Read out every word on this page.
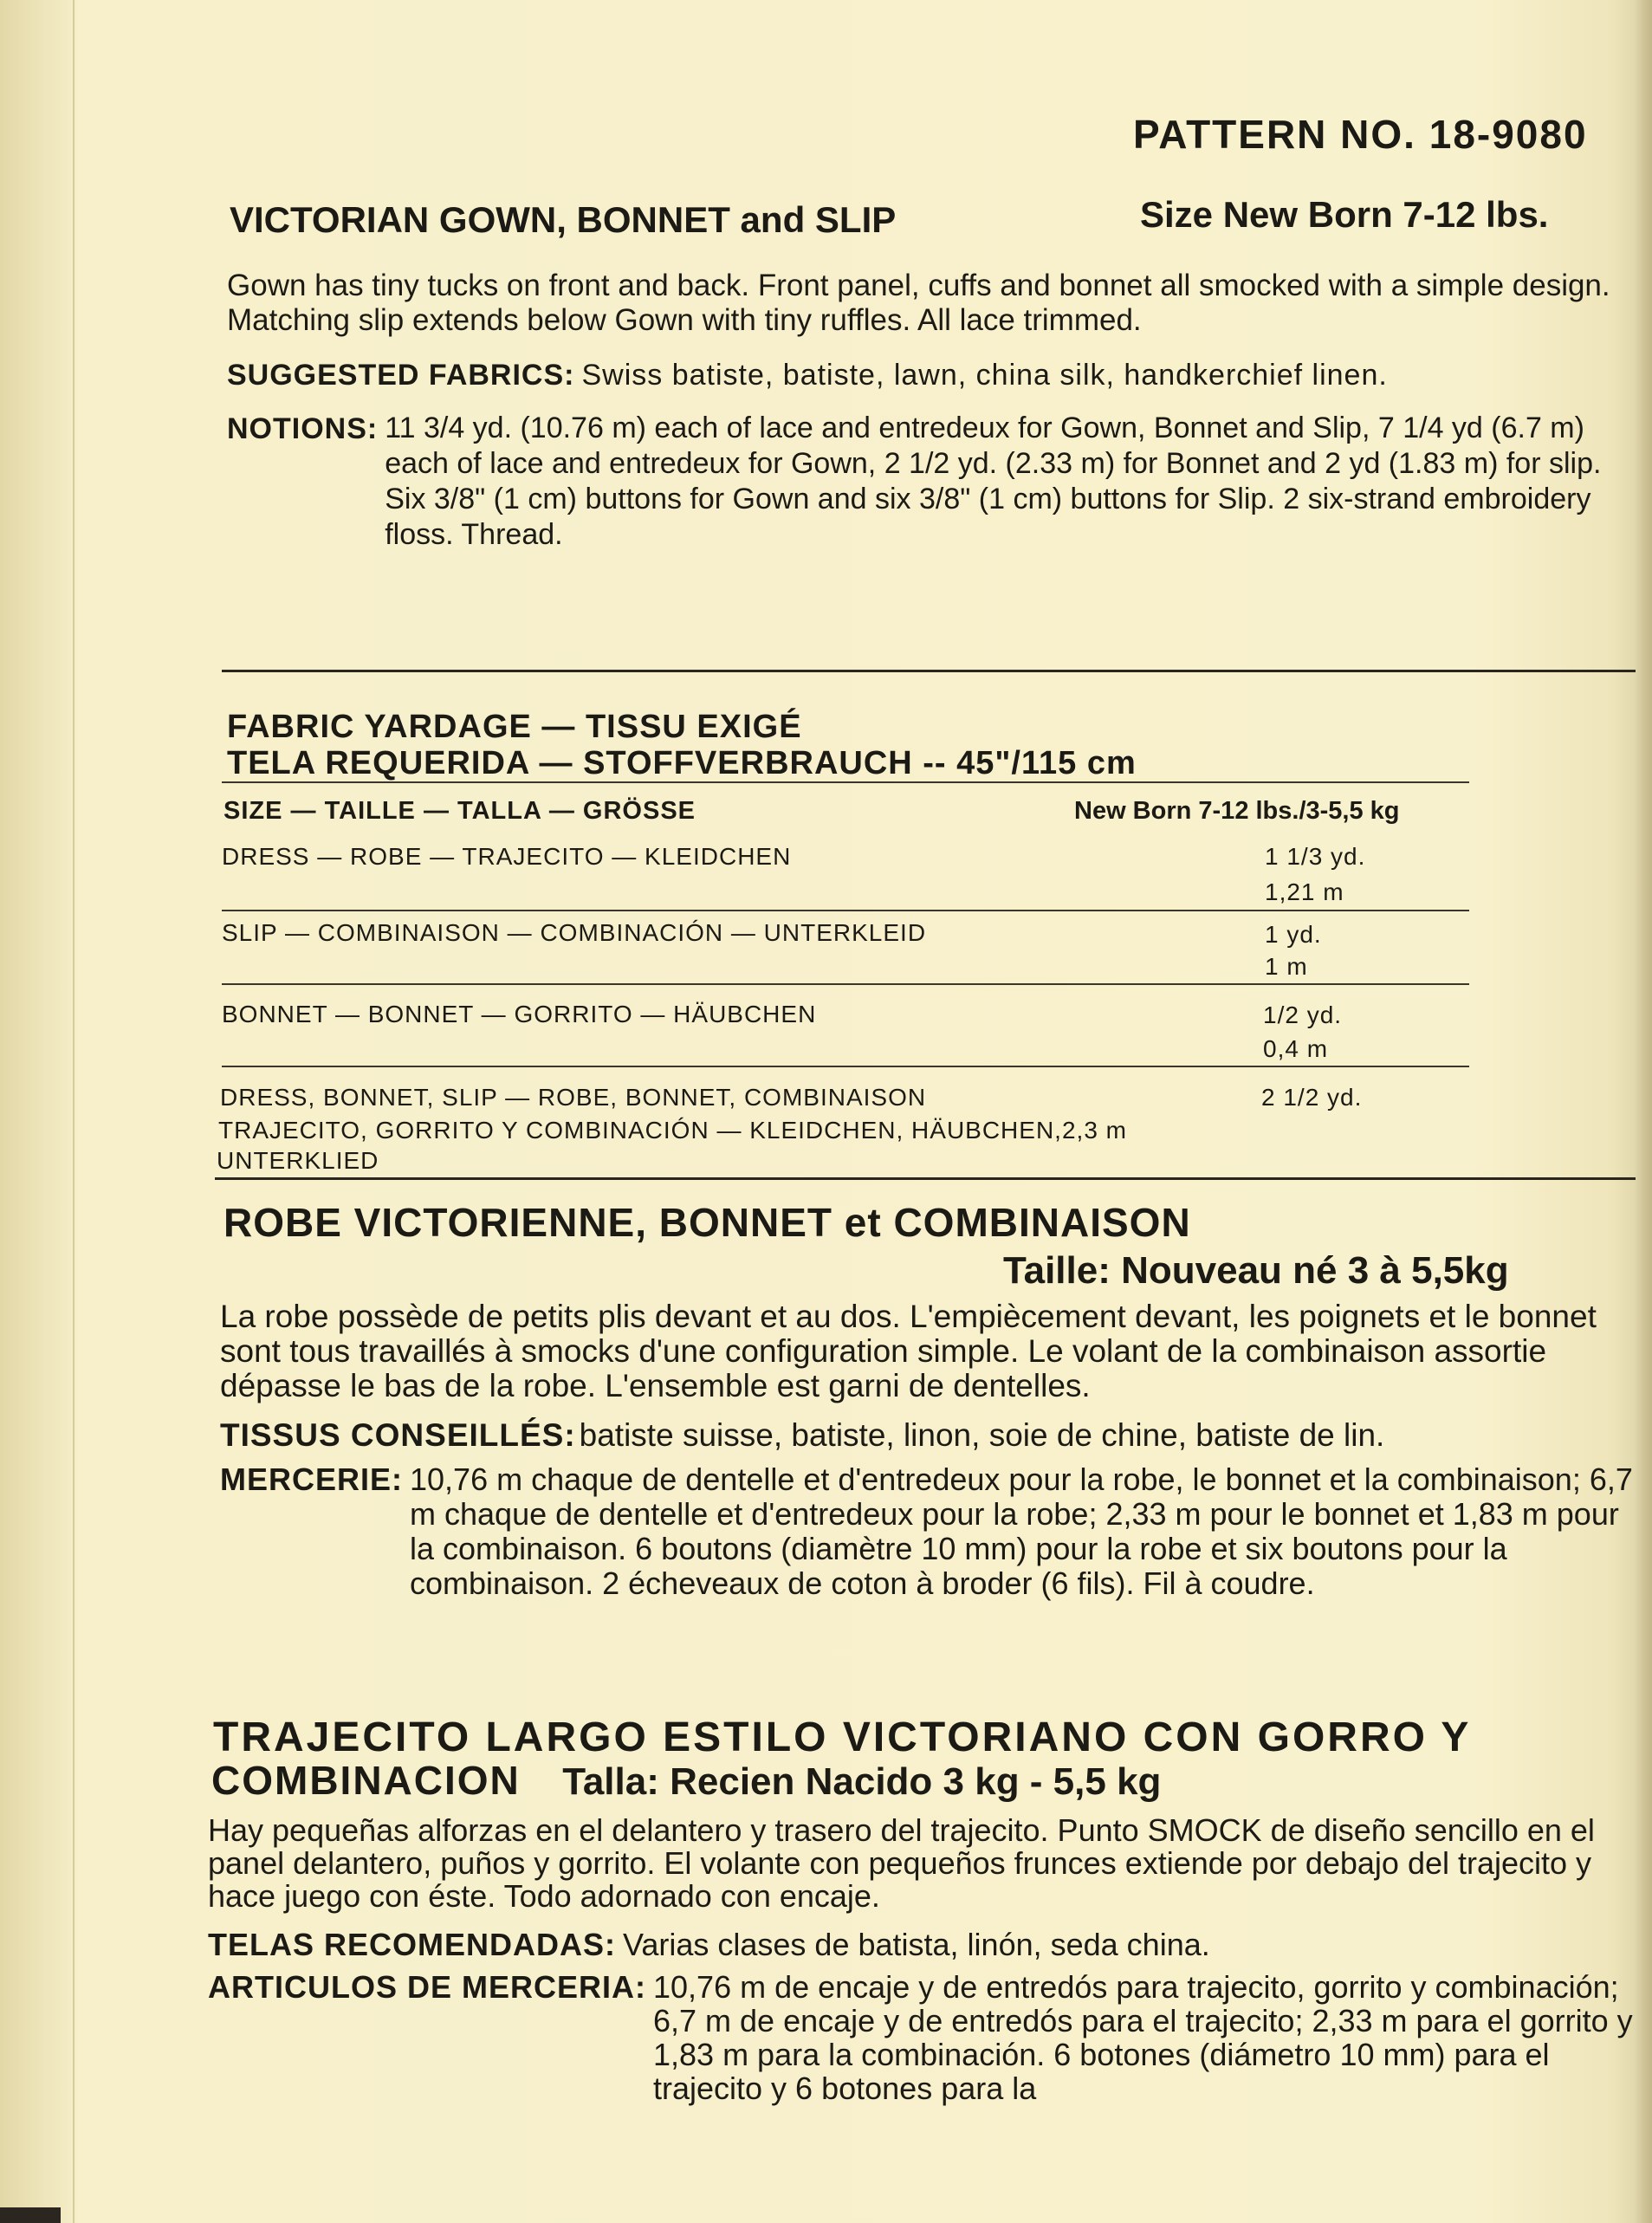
PATTERN NO. 18-9080
VICTORIAN GOWN, BONNET and SLIP	Size New Born 7-12 lbs.

Gown has tiny tucks on front and back. Front panel, cuffs and bonnet all smocked with a simple design. Matching slip extends below Gown with tiny ruffles. All lace trimmed.

SUGGESTED FABRICS: Swiss batiste, batiste, lawn, china silk, handkerchief linen.
NOTIONS: 11 3/4 yd. (10.76 m) each of lace and entredeux for Gown, Bonnet and Slip, 7 1/4 yd (6.7 m) each of lace and entredeux for Gown, 2 1/2 yd. (2.33 m) for Bonnet and 2 yd (1.83 m) for slip. Six 3/8" (1 cm) buttons for Gown and six 3/8" (1 cm) buttons for Slip. 2 six-strand embroidery floss. Thread.
FABRIC YARDAGE — TISSU EXIGÉ
TELA REQUERIDA — STOFFVERBRAUCH -- 45"/115 cm
SIZE — TAILLE — TALLA — GRÖSSE	New Born 7-12 lbs./3-5,5 kg
DRESS — ROBE — TRAJECITO — KLEIDCHEN	1 1/3 yd.
1,21 m
SLIP — COMBINAISON — COMBINACIÓN — UNTERKLEID	1 yd.
1 m
BONNET — BONNET — GORRITO — HÄUBCHEN	1/2 yd.
0,4 m
DRESS, BONNET, SLIP — ROBE, BONNET, COMBINAISON	2 1/2 yd.
TRAJECITO, GORRITO Y COMBINACIÓN — KLEIDCHEN, HÄUBCHEN,2,3 m
UNTERKLIED
ROBE VICTORIENNE, BONNET et COMBINAISON
Taille: Nouveau né 3 à 5,5kg

La robe possède de petits plis devant et au dos. L'empiècement devant, les poignets et le bonnet sont tous travaillés à smocks d'une configuration simple. Le volant de la combinaison assortie dépasse le bas de la robe. L'ensemble est garni de dentelles.

TISSUS CONSEILLÉS: batiste suisse, batiste, linon, soie de chine, batiste de lin.
MERCERIE: 10,76 m chaque de dentelle et d'entredeux pour la robe, le bonnet et la combinaison; 6,7 m chaque de dentelle et d'entredeux pour la robe; 2,33 m pour le bonnet et 1,83 m pour la combinaison. 6 boutons (diamètre 10 mm) pour la robe et six boutons pour la combinaison. 2 écheveaux de coton à broder (6 fils). Fil à coudre.
TRAJECITO LARGO ESTILO VICTORIANO CON GORRO Y
COMBINACION Talla: Recien Nacido 3 kg - 5,5 kg

Hay pequeñas alforzas en el delantero y trasero del trajecito. Punto SMOCK de diseño sencillo en el panel delantero, puños y gorrito. El volante con pequeños frunces extiende por debajo del trajecito y hace juego con éste. Todo adornado con encaje.

TELAS RECOMENDADAS: Varias clases de batista, linón, seda china.
ARTICULOS DE MERCERIA: 10,76 m de encaje y de entredós para trajecito, gorrito y combinación; 6,7 m de encaje y de entredós para el trajecito; 2,33 m para el gorrito y 1,83 m para la combinación. 6 botones (diámetro 10 mm) para el trajecito y 6 botones para la
